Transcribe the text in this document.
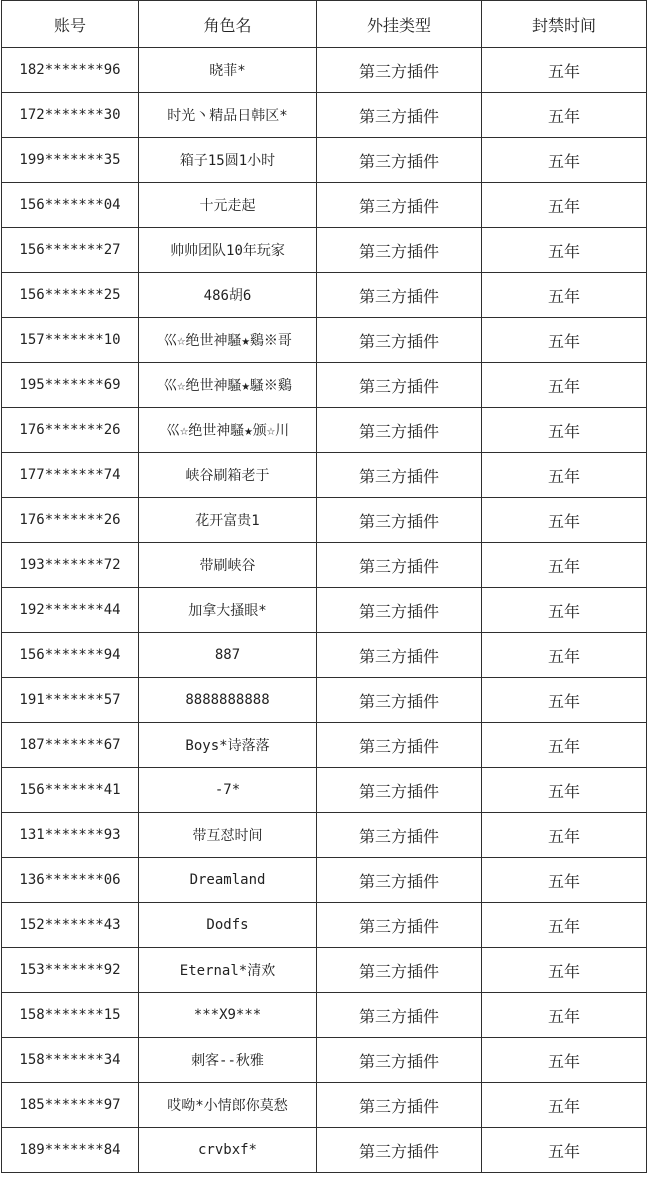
账号	角色名	外挂类型	封禁时间
182*******96	晓菲*	第三方插件	五年
172*******30	时光丶精品日韩区*	第三方插件	五年
199*******35	箱子15圆1小时	第三方插件	五年
156*******04	十元走起	第三方插件	五年
156*******27	帅帅团队10年玩家	第三方插件	五年
156*******25	486胡6	第三方插件	五年
157*******10	巛☆绝世神騷★鷄※哥	第三方插件	五年
195*******69	巛☆绝世神騷★騷※鷄	第三方插件	五年
176*******26	巛☆绝世神騷★颁☆川	第三方插件	五年
177*******74	峡谷刷箱老于	第三方插件	五年
176*******26	花开富贵1	第三方插件	五年
193*******72	带刷峡谷	第三方插件	五年
192*******44	加拿大搔眼*	第三方插件	五年
156*******94	887	第三方插件	五年
191*******57	8888888888	第三方插件	五年
187*******67	Boys*诗落落	第三方插件	五年
156*******41	-7*	第三方插件	五年
131*******93	带互怼时间	第三方插件	五年
136*******06	Dreamland	第三方插件	五年
152*******43	Dodfs	第三方插件	五年
153*******92	Eternal*清欢	第三方插件	五年
158*******15	***X9***	第三方插件	五年
158*******34	刺客--秋雅	第三方插件	五年
185*******97	哎呦*小情郎你莫愁	第三方插件	五年
189*******84	crvbxf*	第三方插件	五年
